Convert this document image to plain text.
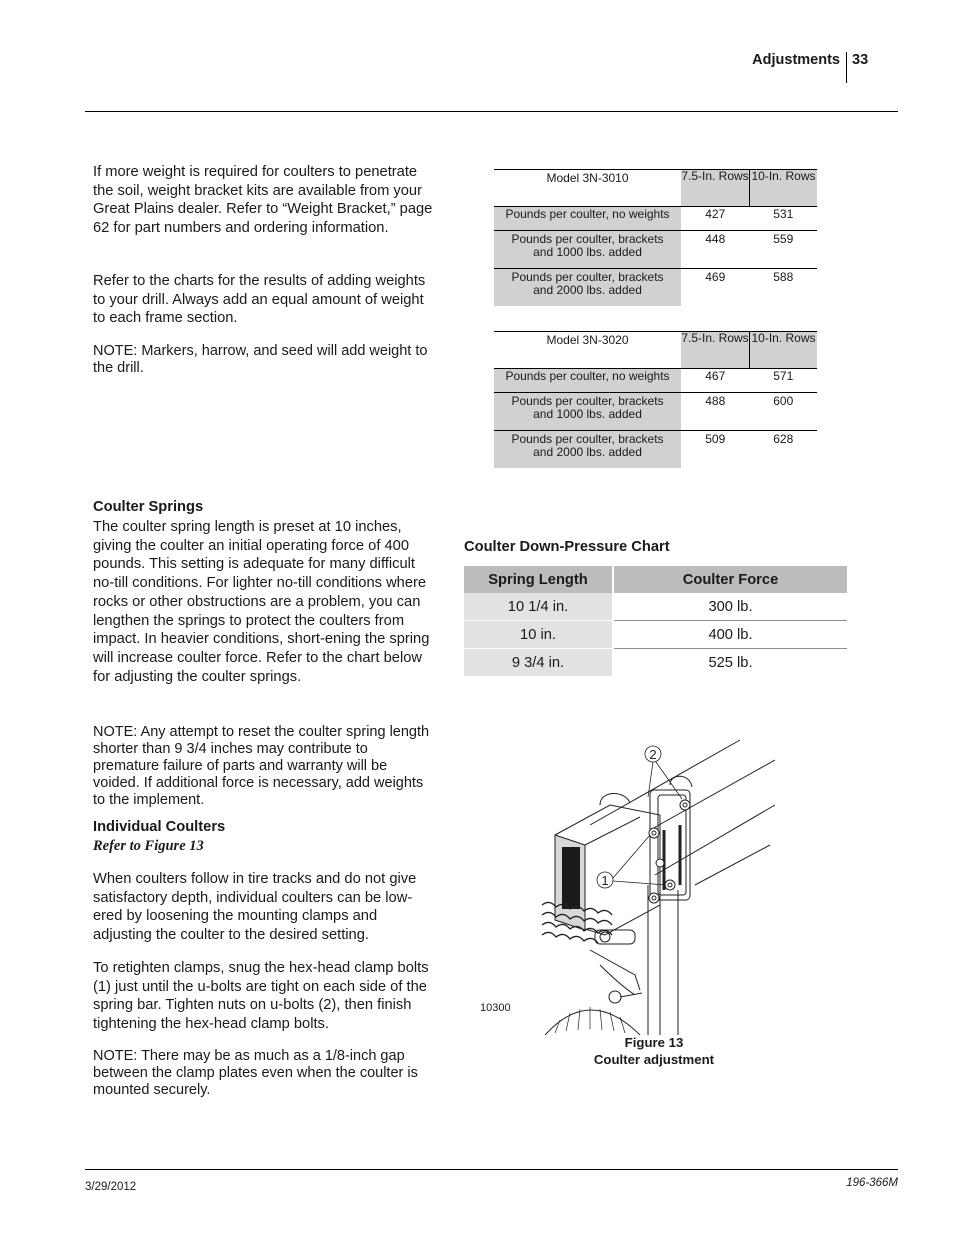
Adjustments 33
If more weight is required for coulters to penetrate the soil, weight bracket kits are available from your Great Plains dealer. Refer to “Weight Bracket,” page 62 for part numbers and ordering information.
Refer to the charts for the results of adding weights to your drill. Always add an equal amount of weight to each frame section.
NOTE: Markers, harrow, and seed will add weight to the drill.
Model 3N-3010	7.5-In. Rows	10-In. Rows
Pounds per coulter, no weights	427	531

Pounds per coulter, brackets and 1000 lbs. added	448	559

Pounds per coulter, brackets and 2000 lbs. added	469	588
Model 3N-3020	7.5-In. Rows	10-In. Rows
Pounds per coulter, no weights	467	571

Pounds per coulter, brackets and 1000 lbs. added	488	600

Pounds per coulter, brackets and 2000 lbs. added	509	628
Coulter Springs
The coulter spring length is preset at 10 inches, giving the coulter an initial operating force of 400 pounds. This setting is adequate for many difficult no-till conditions. For lighter no-till conditions where rocks or other obstructions are a problem, you can lengthen the springs to protect the coulters from impact. In heavier conditions, short-ening the spring will increase coulter force. Refer to the chart below for adjusting the coulter springs.
NOTE: Any attempt to reset the coulter spring length shorter than 9 3/4 inches may contribute to premature failure of parts and warranty will be voided. If additional force is necessary, add weights to the implement.
Coulter Down-Pressure Chart
Spring Length	Coulter Force
10 1/4 in.	300 lb.
10 in.	400 lb.
9 3/4 in.	525 lb.
Individual Coulters
Refer to Figure 13
When coulters follow in tire tracks and do not give satisfactory depth, individual coulters can be low-ered by loosening the mounting clamps and adjusting the coulter to the desired setting.
To retighten clamps, snug the hex-head clamp bolts (1) just until the u-bolts are tight on each side of the spring bar. Tighten nuts on u-bolts (2), then finish tightening the hex-head clamp bolts.
NOTE: There may be as much as a 1/8-inch gap between the clamp plates even when the coulter is mounted securely.
2
1
10300
Figure 13
Coulter adjustment
3/29/2012	196-366M
